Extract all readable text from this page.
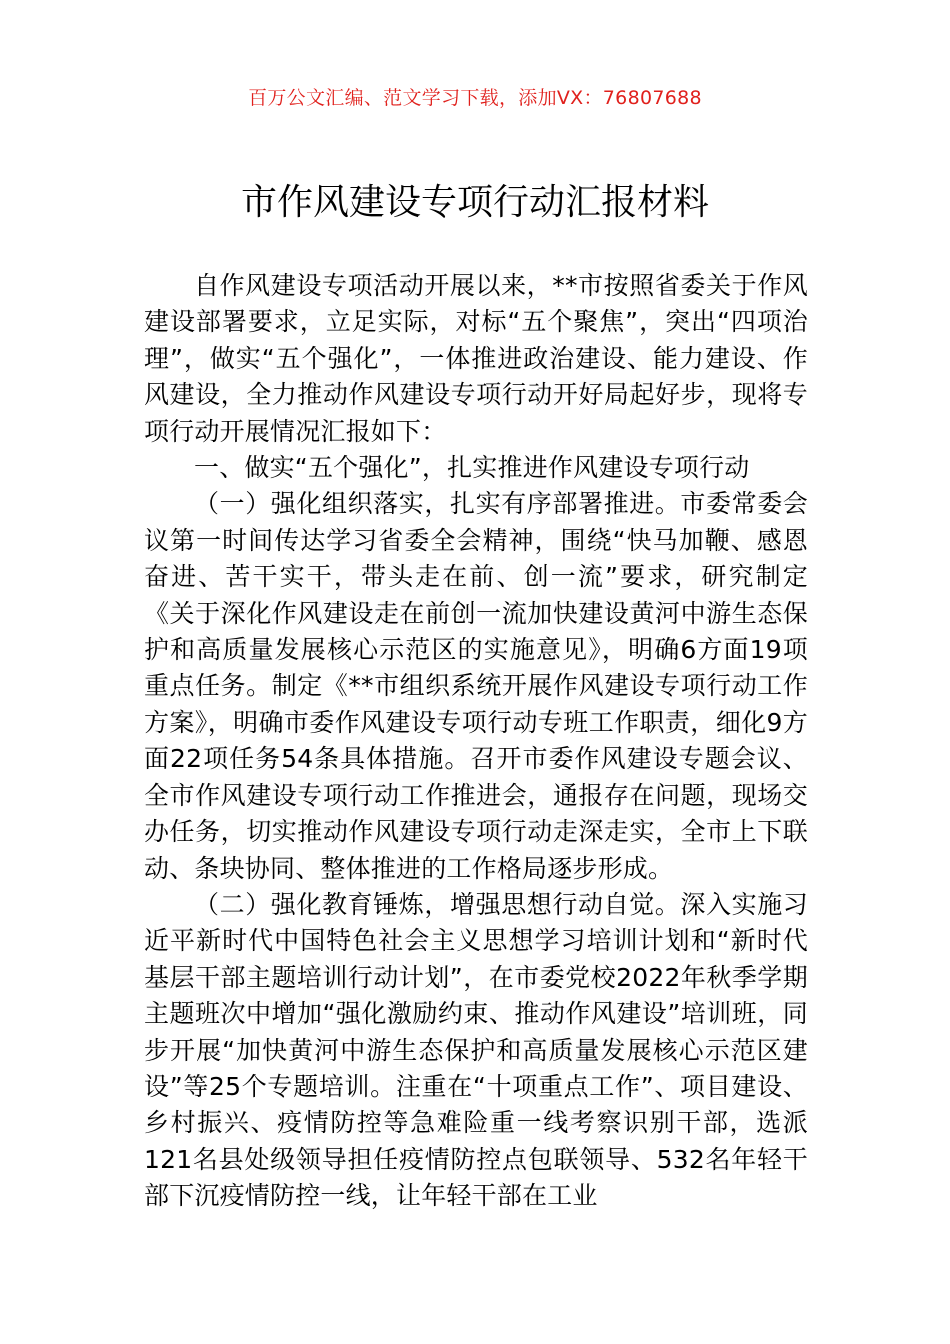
百万公文汇编、范文学习下载，添加VX：76807688
市作风建设专项行动汇报材料

自作风建设专项活动开展以来，**市按照省委关于作风建设部署要求，立足实际，对标“五个聚焦”，突出“四项治理”，做实“五个强化”，一体推进政治建设、能力建设、作风建设，全力推动作风建设专项行动开好局起好步，现将专项行动开展情况汇报如下：

一、做实“五个强化”，扎实推进作风建设专项行动

（一）强化组织落实，扎实有序部署推进。市委常委会议第一时间传达学习省委全会精神，围绕“快马加鞭、感恩奋进、苦干实干，带头走在前、创一流”要求，研究制定《关于深化作风建设走在前创一流加快建设黄河中游生态保护和高质量发展核心示范区的实施意见》，明确6方面19项重点任务。制定《**市组织系统开展作风建设专项行动工作方案》，明确市委作风建设专项行动专班工作职责，细化9方面22项任务54条具体措施。召开市委作风建设专题会议、全市作风建设专项行动工作推进会，通报存在问题，现场交办任务，切实推动作风建设专项行动走深走实，全市上下联动、条块协同、整体推进的工作格局逐步形成。

（二）强化教育锤炼，增强思想行动自觉。深入实施习近平新时代中国特色社会主义思想学习培训计划和“新时代基层干部主题培训行动计划”，在市委党校2022年秋季学期主题班次中增加“强化激励约束、推动作风建设”培训班，同步开展“加快黄河中游生态保护和高质量发展核心示范区建设”等25个专题培训。注重在“十项重点工作”、项目建设、乡村振兴、疫情防控等急难险重一线考察识别干部，选派121名县处级领导担任疫情防控点包联领导、532名年轻干部下沉疫情防控一线，让年轻干部在工业
